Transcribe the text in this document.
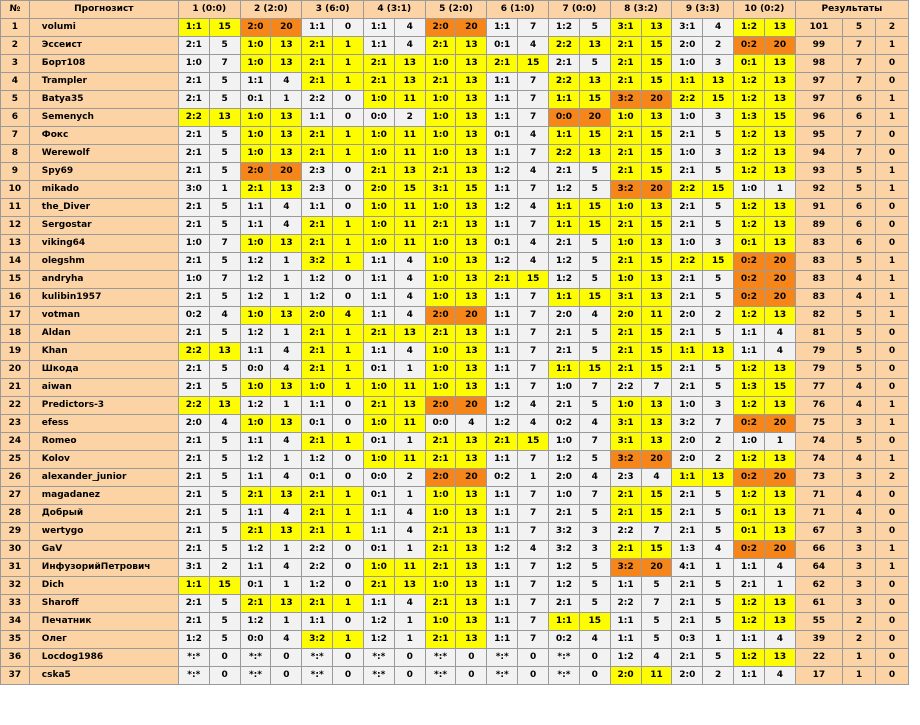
№	Прогнозист	1 (0:0)		2 (2:0)		3 (6:0)		4 (3:1)		5 (2:0)		6 (1:0)		7 (0:0)		8 (3:2)		9 (3:3)		10 (0:2)		Результаты		
1	volumi	1:1	15	2:0	20	1:1	0	1:1	4	2:0	20	1:1	7	1:2	5	3:1	13	3:1	4	1:2	13	101	5	2
2	Эссеист	2:1	5	1:0	13	2:1	1	1:1	4	2:1	13	0:1	4	2:2	13	2:1	15	2:0	2	0:2	20	99	7	1
3	Борт108	1:0	7	1:0	13	2:1	1	2:1	13	1:0	13	2:1	15	2:1	5	2:1	15	1:0	3	0:1	13	98	7	0
4	Trampler	2:1	5	1:1	4	2:1	1	2:1	13	2:1	13	1:1	7	2:2	13	2:1	15	1:1	13	1:2	13	97	7	0
5	Batya35	2:1	5	0:1	1	2:2	0	1:0	11	1:0	13	1:1	7	1:1	15	3:2	20	2:2	15	1:2	13	97	6	1
6	Semenych	2:2	13	1:0	13	1:1	0	0:0	2	1:0	13	1:1	7	0:0	20	1:0	13	1:0	3	1:3	15	96	6	1
7	Фокс	2:1	5	1:0	13	2:1	1	1:0	11	1:0	13	0:1	4	1:1	15	2:1	15	2:1	5	1:2	13	95	7	0
8	Werewolf	2:1	5	1:0	13	2:1	1	1:0	11	1:0	13	1:1	7	2:2	13	2:1	15	1:0	3	1:2	13	94	7	0
9	Spy69	2:1	5	2:0	20	2:3	0	2:1	13	2:1	13	1:2	4	2:1	5	2:1	15	2:1	5	1:2	13	93	5	1
10	mikado	3:0	1	2:1	13	2:3	0	2:0	15	3:1	15	1:1	7	1:2	5	3:2	20	2:2	15	1:0	1	92	5	1
11	the_Diver	2:1	5	1:1	4	1:1	0	1:0	11	1:0	13	1:2	4	1:1	15	1:0	13	2:1	5	1:2	13	91	6	0
12	Sergostar	2:1	5	1:1	4	2:1	1	1:0	11	2:1	13	1:1	7	1:1	15	2:1	15	2:1	5	1:2	13	89	6	0
13	viking64	1:0	7	1:0	13	2:1	1	1:0	11	1:0	13	0:1	4	2:1	5	1:0	13	1:0	3	0:1	13	83	6	0
14	olegshm	2:1	5	1:2	1	3:2	1	1:1	4	1:0	13	1:2	4	1:2	5	2:1	15	2:2	15	0:2	20	83	5	1
15	andryha	1:0	7	1:2	1	1:2	0	1:1	4	1:0	13	2:1	15	1:2	5	1:0	13	2:1	5	0:2	20	83	4	1
16	kulibin1957	2:1	5	1:2	1	1:2	0	1:1	4	1:0	13	1:1	7	1:1	15	3:1	13	2:1	5	0:2	20	83	4	1
17	votman	0:2	4	1:0	13	2:0	4	1:1	4	2:0	20	1:1	7	2:0	4	2:0	11	2:0	2	1:2	13	82	5	1
18	Aldan	2:1	5	1:2	1	2:1	1	2:1	13	2:1	13	1:1	7	2:1	5	2:1	15	2:1	5	1:1	4	81	5	0
19	Khan	2:2	13	1:1	4	2:1	1	1:1	4	1:0	13	1:1	7	2:1	5	2:1	15	1:1	13	1:1	4	79	5	0
20	Шкода	2:1	5	0:0	4	2:1	1	0:1	1	1:0	13	1:1	7	1:1	15	2:1	15	2:1	5	1:2	13	79	5	0
21	aiwan	2:1	5	1:0	13	1:0	1	1:0	11	1:0	13	1:1	7	1:0	7	2:2	7	2:1	5	1:3	15	77	4	0
22	Predictors-3	2:2	13	1:2	1	1:1	0	2:1	13	2:0	20	1:2	4	2:1	5	1:0	13	1:0	3	1:2	13	76	4	1
23	efess	2:0	4	1:0	13	0:1	0	1:0	11	0:0	4	1:2	4	0:2	4	3:1	13	3:2	7	0:2	20	75	3	1
24	Romeo	2:1	5	1:1	4	2:1	1	0:1	1	2:1	13	2:1	15	1:0	7	3:1	13	2:0	2	1:0	1	74	5	0
25	Kolov	2:1	5	1:2	1	1:2	0	1:0	11	2:1	13	1:1	7	1:2	5	3:2	20	2:0	2	1:2	13	74	4	1
26	alexander_junior	2:1	5	1:1	4	0:1	0	0:0	2	2:0	20	0:2	1	2:0	4	2:3	4	1:1	13	0:2	20	73	3	2
27	magadanez	2:1	5	2:1	13	2:1	1	0:1	1	1:0	13	1:1	7	1:0	7	2:1	15	2:1	5	1:2	13	71	4	0
28	Добрый	2:1	5	1:1	4	2:1	1	1:1	4	1:0	13	1:1	7	2:1	5	2:1	15	2:1	5	0:1	13	71	4	0
29	wertygo	2:1	5	2:1	13	2:1	1	1:1	4	2:1	13	1:1	7	3:2	3	2:2	7	2:1	5	0:1	13	67	3	0
30	GaV	2:1	5	1:2	1	2:2	0	0:1	1	2:1	13	1:2	4	3:2	3	2:1	15	1:3	4	0:2	20	66	3	1
31	ИнфузорийПетрович	3:1	2	1:1	4	2:2	0	1:0	11	2:1	13	1:1	7	1:2	5	3:2	20	4:1	1	1:1	4	64	3	1
32	Dich	1:1	15	0:1	1	1:2	0	2:1	13	1:0	13	1:1	7	1:2	5	1:1	5	2:1	5	2:1	1	62	3	0
33	Sharoff	2:1	5	2:1	13	2:1	1	1:1	4	2:1	13	1:1	7	2:1	5	2:2	7	2:1	5	1:2	13	61	3	0
34	Печатник	2:1	5	1:2	1	1:1	0	1:2	1	1:0	13	1:1	7	1:1	15	1:1	5	2:1	5	1:2	13	55	2	0
35	Олег	1:2	5	0:0	4	3:2	1	1:2	1	2:1	13	1:1	7	0:2	4	1:1	5	0:3	1	1:1	4	39	2	0
36	Locdog1986	*:*	0	*:*	0	*:*	0	*:*	0	*:*	0	*:*	0	*:*	0	1:2	4	2:1	5	1:2	13	22	1	0
37	cska5	*:*	0	*:*	0	*:*	0	*:*	0	*:*	0	*:*	0	*:*	0	2:0	11	2:0	2	1:1	4	17	1	0
